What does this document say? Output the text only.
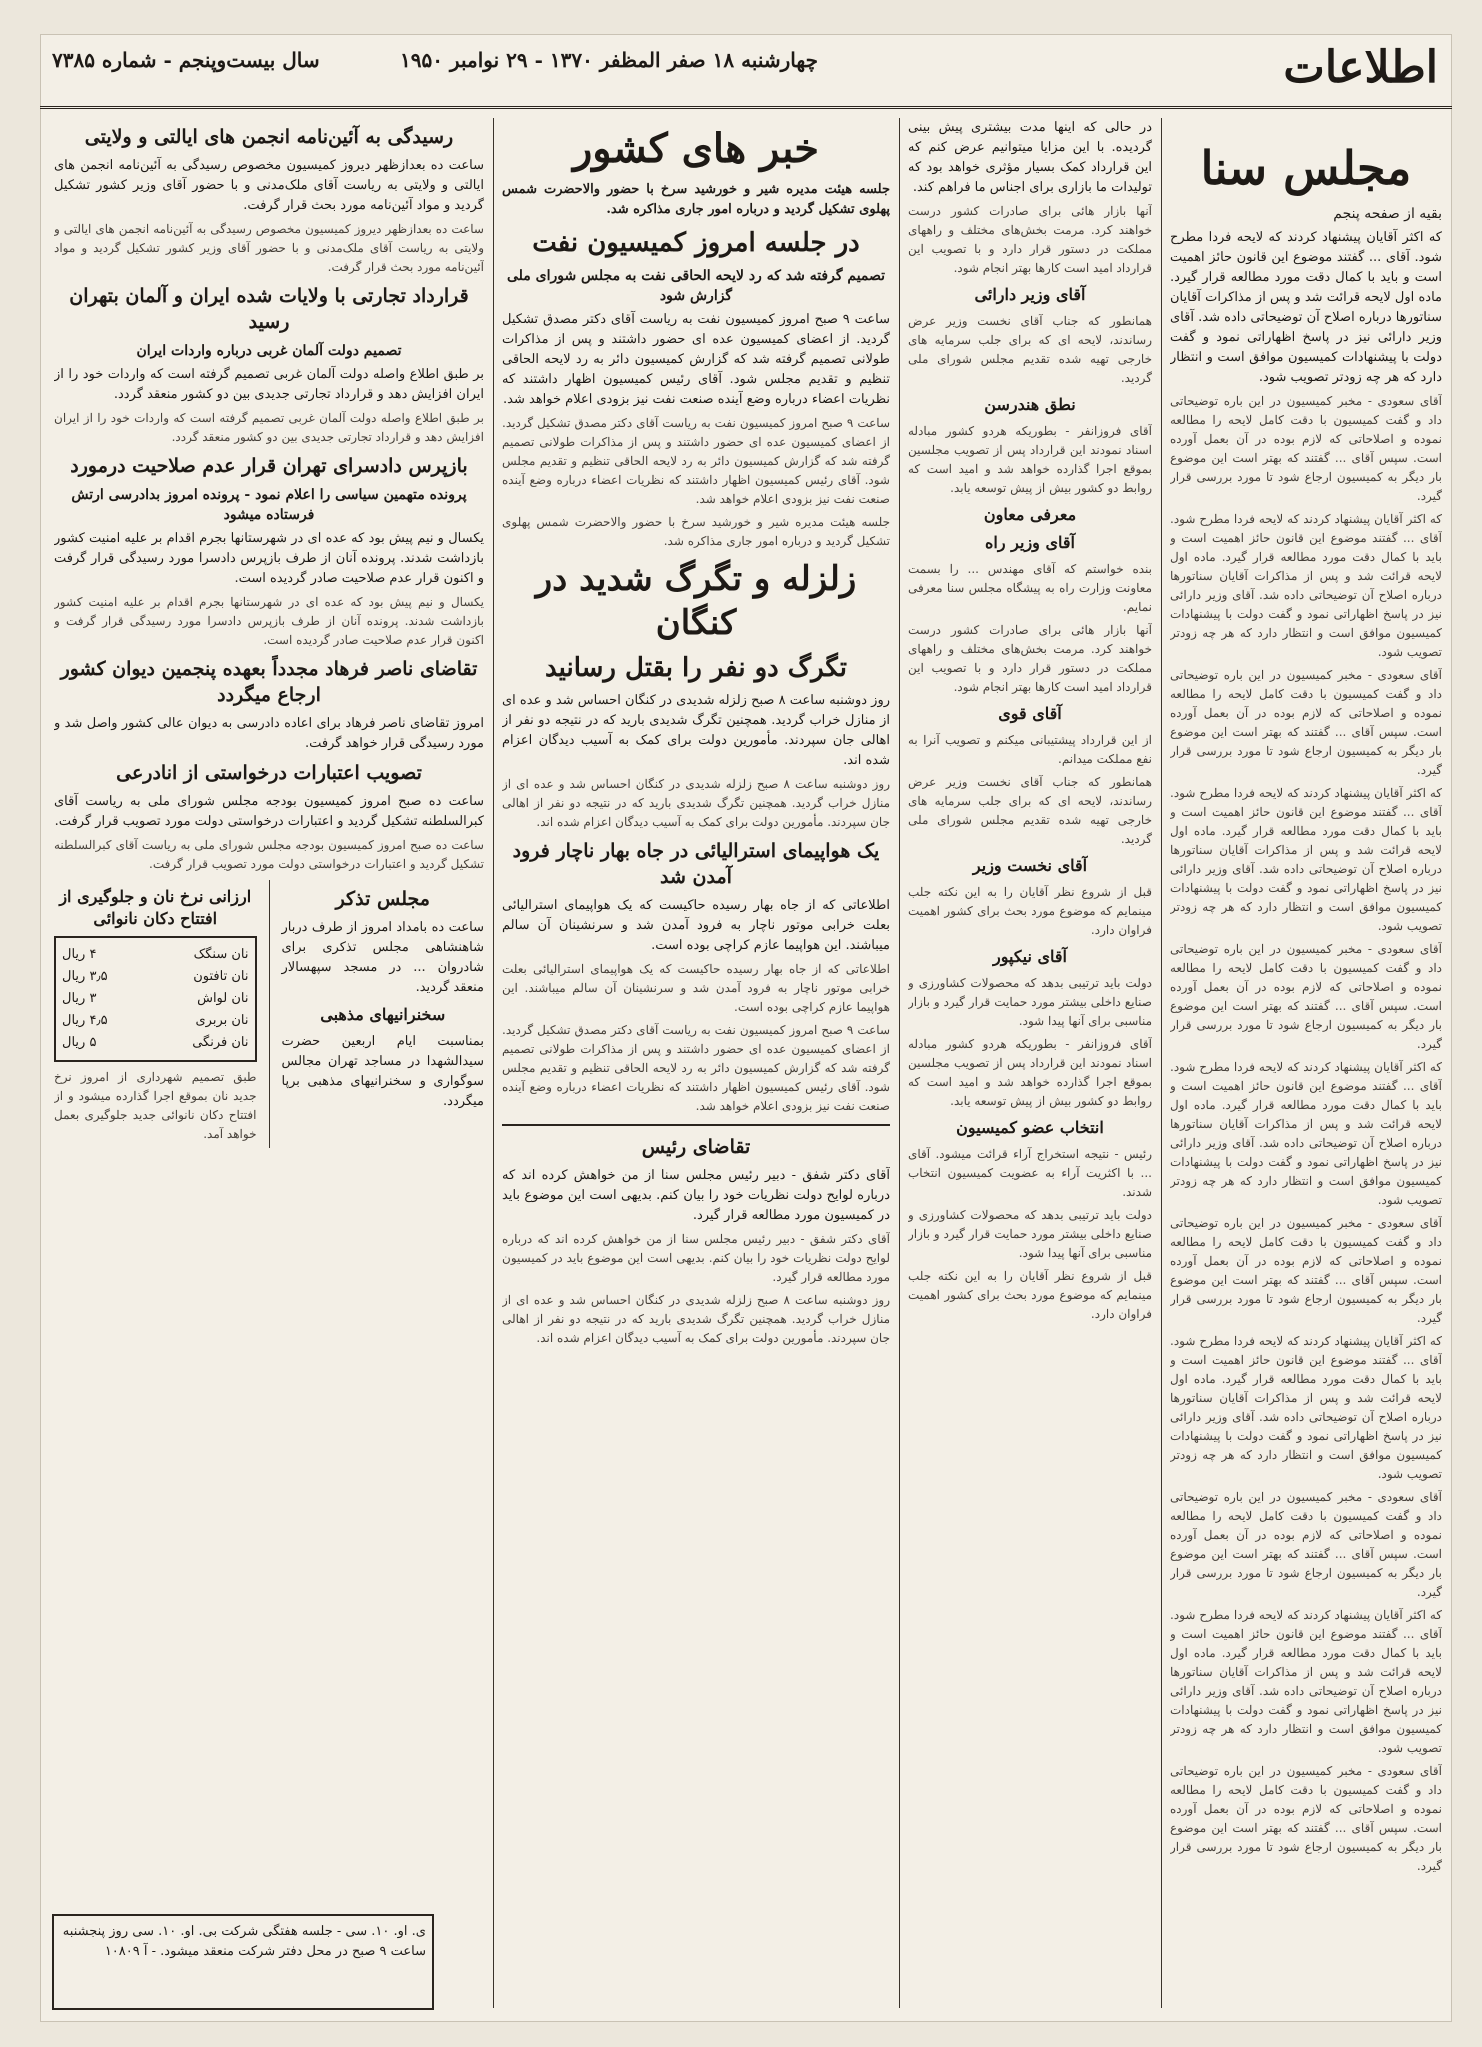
اطلاعات
چهارشنبه ۱۸ صفر المظفر ۱۳۷۰ - ۲۹ نوامبر ۱۹۵۰
سال بیست‌وپنجم - شماره ۷۳۸۵
مجلس سنا
بقیه از صفحه پنجم

که اکثر آقایان پیشنهاد کردند که لایحه فردا مطرح شود. آقای ... گفتند موضوع این قانون حائز اهمیت است و باید با کمال دقت مورد مطالعه قرار گیرد. ماده اول لایحه قرائت شد و پس از مذاکرات آقایان سناتورها درباره اصلاح آن توضیحاتی داده شد. آقای وزیر دارائی نیز در پاسخ اظهاراتی نمود و گفت دولت با پیشنهادات کمیسیون موافق است و انتظار دارد که هر چه زودتر تصویب شود.

آقای سعودی - مخبر کمیسیون در این باره توضیحاتی داد و گفت کمیسیون با دقت کامل لایحه را مطالعه نموده و اصلاحاتی که لازم بوده در آن بعمل آورده است. سپس آقای ... گفتند که بهتر است این موضوع بار دیگر به کمیسیون ارجاع شود تا مورد بررسی قرار گیرد.

که اکثر آقایان پیشنهاد کردند که لایحه فردا مطرح شود. آقای ... گفتند موضوع این قانون حائز اهمیت است و باید با کمال دقت مورد مطالعه قرار گیرد. ماده اول لایحه قرائت شد و پس از مذاکرات آقایان سناتورها درباره اصلاح آن توضیحاتی داده شد. آقای وزیر دارائی نیز در پاسخ اظهاراتی نمود و گفت دولت با پیشنهادات کمیسیون موافق است و انتظار دارد که هر چه زودتر تصویب شود.

آقای سعودی - مخبر کمیسیون در این باره توضیحاتی داد و گفت کمیسیون با دقت کامل لایحه را مطالعه نموده و اصلاحاتی که لازم بوده در آن بعمل آورده است. سپس آقای ... گفتند که بهتر است این موضوع بار دیگر به کمیسیون ارجاع شود تا مورد بررسی قرار گیرد.

که اکثر آقایان پیشنهاد کردند که لایحه فردا مطرح شود. آقای ... گفتند موضوع این قانون حائز اهمیت است و باید با کمال دقت مورد مطالعه قرار گیرد. ماده اول لایحه قرائت شد و پس از مذاکرات آقایان سناتورها درباره اصلاح آن توضیحاتی داده شد. آقای وزیر دارائی نیز در پاسخ اظهاراتی نمود و گفت دولت با پیشنهادات کمیسیون موافق است و انتظار دارد که هر چه زودتر تصویب شود.

آقای سعودی - مخبر کمیسیون در این باره توضیحاتی داد و گفت کمیسیون با دقت کامل لایحه را مطالعه نموده و اصلاحاتی که لازم بوده در آن بعمل آورده است. سپس آقای ... گفتند که بهتر است این موضوع بار دیگر به کمیسیون ارجاع شود تا مورد بررسی قرار گیرد.

که اکثر آقایان پیشنهاد کردند که لایحه فردا مطرح شود. آقای ... گفتند موضوع این قانون حائز اهمیت است و باید با کمال دقت مورد مطالعه قرار گیرد. ماده اول لایحه قرائت شد و پس از مذاکرات آقایان سناتورها درباره اصلاح آن توضیحاتی داده شد. آقای وزیر دارائی نیز در پاسخ اظهاراتی نمود و گفت دولت با پیشنهادات کمیسیون موافق است و انتظار دارد که هر چه زودتر تصویب شود.

آقای سعودی - مخبر کمیسیون در این باره توضیحاتی داد و گفت کمیسیون با دقت کامل لایحه را مطالعه نموده و اصلاحاتی که لازم بوده در آن بعمل آورده است. سپس آقای ... گفتند که بهتر است این موضوع بار دیگر به کمیسیون ارجاع شود تا مورد بررسی قرار گیرد.

که اکثر آقایان پیشنهاد کردند که لایحه فردا مطرح شود. آقای ... گفتند موضوع این قانون حائز اهمیت است و باید با کمال دقت مورد مطالعه قرار گیرد. ماده اول لایحه قرائت شد و پس از مذاکرات آقایان سناتورها درباره اصلاح آن توضیحاتی داده شد. آقای وزیر دارائی نیز در پاسخ اظهاراتی نمود و گفت دولت با پیشنهادات کمیسیون موافق است و انتظار دارد که هر چه زودتر تصویب شود.

آقای سعودی - مخبر کمیسیون در این باره توضیحاتی داد و گفت کمیسیون با دقت کامل لایحه را مطالعه نموده و اصلاحاتی که لازم بوده در آن بعمل آورده است. سپس آقای ... گفتند که بهتر است این موضوع بار دیگر به کمیسیون ارجاع شود تا مورد بررسی قرار گیرد.

که اکثر آقایان پیشنهاد کردند که لایحه فردا مطرح شود. آقای ... گفتند موضوع این قانون حائز اهمیت است و باید با کمال دقت مورد مطالعه قرار گیرد. ماده اول لایحه قرائت شد و پس از مذاکرات آقایان سناتورها درباره اصلاح آن توضیحاتی داده شد. آقای وزیر دارائی نیز در پاسخ اظهاراتی نمود و گفت دولت با پیشنهادات کمیسیون موافق است و انتظار دارد که هر چه زودتر تصویب شود.

آقای سعودی - مخبر کمیسیون در این باره توضیحاتی داد و گفت کمیسیون با دقت کامل لایحه را مطالعه نموده و اصلاحاتی که لازم بوده در آن بعمل آورده است. سپس آقای ... گفتند که بهتر است این موضوع بار دیگر به کمیسیون ارجاع شود تا مورد بررسی قرار گیرد.

در حالی که اینها مدت بیشتری پیش بینی گردیده. با این مزایا میتوانیم عرض کنم که این قرارداد کمک بسیار مؤثری خواهد بود که تولیدات ما بازاری برای اجناس ما فراهم کند.

آنها بازار هائی برای صادرات کشور درست خواهند کرد. مرمت بخش‌های مختلف و راههای مملکت در دستور قرار دارد و با تصویب این قرارداد امید است کارها بهتر انجام شود.

آقای وزیر دارائی

همانطور که جناب آقای نخست وزیر عرض رساندند، لایحه ای که برای جلب سرمایه های خارجی تهیه شده تقدیم مجلس شورای ملی گردید.

نطق هندرسن

آقای فروزانفر - بطوریکه هردو کشور مبادله اسناد نمودند این قرارداد پس از تصویب مجلسین بموقع اجرا گذارده خواهد شد و امید است که روابط دو کشور بیش از پیش توسعه یابد.

معرفی معاون
آقای وزیر راه

بنده خواستم که آقای مهندس ... را بسمت معاونت وزارت راه به پیشگاه مجلس سنا معرفی نمایم.

آنها بازار هائی برای صادرات کشور درست خواهند کرد. مرمت بخش‌های مختلف و راههای مملکت در دستور قرار دارد و با تصویب این قرارداد امید است کارها بهتر انجام شود.

آقای قوی

از این قرارداد پیشتیبانی میکنم و تصویب آنرا به نفع مملکت میدانم.

همانطور که جناب آقای نخست وزیر عرض رساندند، لایحه ای که برای جلب سرمایه های خارجی تهیه شده تقدیم مجلس شورای ملی گردید.

آقای نخست وزیر

قبل از شروع نظر آقایان را به این نکته جلب مینمایم که موضوع مورد بحث برای کشور اهمیت فراوان دارد.

آقای نیکپور

دولت باید ترتیبی بدهد که محصولات کشاورزی و صنایع داخلی بیشتر مورد حمایت قرار گیرد و بازار مناسبی برای آنها پیدا شود.

آقای فروزانفر - بطوریکه هردو کشور مبادله اسناد نمودند این قرارداد پس از تصویب مجلسین بموقع اجرا گذارده خواهد شد و امید است که روابط دو کشور بیش از پیش توسعه یابد.

انتخاب عضو کمیسیون

رئیس - نتیجه استخراج آراء قرائت میشود. آقای ... با اکثریت آراء به عضویت کمیسیون انتخاب شدند.

دولت باید ترتیبی بدهد که محصولات کشاورزی و صنایع داخلی بیشتر مورد حمایت قرار گیرد و بازار مناسبی برای آنها پیدا شود.

قبل از شروع نظر آقایان را به این نکته جلب مینمایم که موضوع مورد بحث برای کشور اهمیت فراوان دارد.

خبر های کشور

جلسه هیئت مدیره شیر و خورشید سرخ با حضور والاحضرت شمس پهلوی تشکیل گردید و درباره امور جاری مذاکره شد.

در جلسه امروز کمیسیون نفت
تصمیم گرفته شد که رد لایحه الحاقی نفت به مجلس شورای ملی گزارش شود

ساعت ۹ صبح امروز کمیسیون نفت به ریاست آقای دکتر مصدق تشکیل گردید. از اعضای کمیسیون عده ای حضور داشتند و پس از مذاکرات طولانی تصمیم گرفته شد که گزارش کمیسیون دائر به رد لایحه الحاقی تنظیم و تقدیم مجلس شود. آقای رئیس کمیسیون اظهار داشتند که نظریات اعضاء درباره وضع آینده صنعت نفت نیز بزودی اعلام خواهد شد.

ساعت ۹ صبح امروز کمیسیون نفت به ریاست آقای دکتر مصدق تشکیل گردید. از اعضای کمیسیون عده ای حضور داشتند و پس از مذاکرات طولانی تصمیم گرفته شد که گزارش کمیسیون دائر به رد لایحه الحاقی تنظیم و تقدیم مجلس شود. آقای رئیس کمیسیون اظهار داشتند که نظریات اعضاء درباره وضع آینده صنعت نفت نیز بزودی اعلام خواهد شد.

جلسه هیئت مدیره شیر و خورشید سرخ با حضور والاحضرت شمس پهلوی تشکیل گردید و درباره امور جاری مذاکره شد.

زلزله و تگرگ شدید در کنگان
تگرگ دو نفر را بقتل رسانید

روز دوشنبه ساعت ۸ صبح زلزله شدیدی در کنگان احساس شد و عده ای از منازل خراب گردید. همچنین تگرگ شدیدی بارید که در نتیجه دو نفر از اهالی جان سپردند. مأمورین دولت برای کمک به آسیب دیدگان اعزام شده اند.

روز دوشنبه ساعت ۸ صبح زلزله شدیدی در کنگان احساس شد و عده ای از منازل خراب گردید. همچنین تگرگ شدیدی بارید که در نتیجه دو نفر از اهالی جان سپردند. مأمورین دولت برای کمک به آسیب دیدگان اعزام شده اند.

یک هواپیمای استرالیائی در جاه بهار ناچار فرود آمدن شد

اطلاعاتی که از جاه بهار رسیده حاکیست که یک هواپیمای استرالیائی بعلت خرابی موتور ناچار به فرود آمدن شد و سرنشینان آن سالم میباشند. این هواپیما عازم کراچی بوده است.

اطلاعاتی که از جاه بهار رسیده حاکیست که یک هواپیمای استرالیائی بعلت خرابی موتور ناچار به فرود آمدن شد و سرنشینان آن سالم میباشند. این هواپیما عازم کراچی بوده است.

ساعت ۹ صبح امروز کمیسیون نفت به ریاست آقای دکتر مصدق تشکیل گردید. از اعضای کمیسیون عده ای حضور داشتند و پس از مذاکرات طولانی تصمیم گرفته شد که گزارش کمیسیون دائر به رد لایحه الحاقی تنظیم و تقدیم مجلس شود. آقای رئیس کمیسیون اظهار داشتند که نظریات اعضاء درباره وضع آینده صنعت نفت نیز بزودی اعلام خواهد شد.

تقاضای رئیس

آقای دکتر شفق - دبیر رئیس مجلس سنا از من خواهش کرده اند که درباره لوایح دولت نظریات خود را بیان کنم. بدیهی است این موضوع باید در کمیسیون مورد مطالعه قرار گیرد.

آقای دکتر شفق - دبیر رئیس مجلس سنا از من خواهش کرده اند که درباره لوایح دولت نظریات خود را بیان کنم. بدیهی است این موضوع باید در کمیسیون مورد مطالعه قرار گیرد.

روز دوشنبه ساعت ۸ صبح زلزله شدیدی در کنگان احساس شد و عده ای از منازل خراب گردید. همچنین تگرگ شدیدی بارید که در نتیجه دو نفر از اهالی جان سپردند. مأمورین دولت برای کمک به آسیب دیدگان اعزام شده اند.

رسیدگی به آئین‌نامه انجمن های ایالتی و ولایتی

ساعت ده بعدازظهر دیروز کمیسیون مخصوص رسیدگی به آئین‌نامه انجمن های ایالتی و ولایتی به ریاست آقای ملک‌مدنی و با حضور آقای وزیر کشور تشکیل گردید و مواد آئین‌نامه مورد بحث قرار گرفت.

ساعت ده بعدازظهر دیروز کمیسیون مخصوص رسیدگی به آئین‌نامه انجمن های ایالتی و ولایتی به ریاست آقای ملک‌مدنی و با حضور آقای وزیر کشور تشکیل گردید و مواد آئین‌نامه مورد بحث قرار گرفت.

قرارداد تجارتی با ولایات شده ایران و آلمان بتهران رسید
تصمیم دولت آلمان غربی درباره واردات ایران

بر طبق اطلاع واصله دولت آلمان غربی تصمیم گرفته است که واردات خود را از ایران افزایش دهد و قرارداد تجارتی جدیدی بین دو کشور منعقد گردد.

بر طبق اطلاع واصله دولت آلمان غربی تصمیم گرفته است که واردات خود را از ایران افزایش دهد و قرارداد تجارتی جدیدی بین دو کشور منعقد گردد.

بازپرس دادسرای تهران قرار عدم صلاحیت درمورد
پرونده متهمین سیاسی را اعلام نمود - پرونده امروز بدادرسی ارتش فرستاده میشود

یکسال و نیم پیش بود که عده ای در شهرستانها بجرم اقدام بر علیه امنیت کشور بازداشت شدند. پرونده آنان از طرف بازپرس دادسرا مورد رسیدگی قرار گرفت و اکنون قرار عدم صلاحیت صادر گردیده است.

یکسال و نیم پیش بود که عده ای در شهرستانها بجرم اقدام بر علیه امنیت کشور بازداشت شدند. پرونده آنان از طرف بازپرس دادسرا مورد رسیدگی قرار گرفت و اکنون قرار عدم صلاحیت صادر گردیده است.

تقاضای ناصر فرهاد مجدداً بعهده پنجمین دیوان کشور ارجاع میگردد

امروز تقاضای ناصر فرهاد برای اعاده دادرسی به دیوان عالی کشور واصل شد و مورد رسیدگی قرار خواهد گرفت.

تصویب اعتبارات درخواستی از انادرعی

ساعت ده صبح امروز کمیسیون بودجه مجلس شورای ملی به ریاست آقای کبرالسلطنه تشکیل گردید و اعتبارات درخواستی دولت مورد تصویب قرار گرفت.

ساعت ده صبح امروز کمیسیون بودجه مجلس شورای ملی به ریاست آقای کبرالسلطنه تشکیل گردید و اعتبارات درخواستی دولت مورد تصویب قرار گرفت.

مجلس تذکر

ساعت ده بامداد امروز از طرف دربار شاهنشاهی مجلس تذکری برای شادروان ... در مسجد سپهسالار منعقد گردید.

سخنرانیهای مذهبی

بمناسبت ایام اربعین حضرت سیدالشهدا در مساجد تهران مجالس سوگواری و سخنرانیهای مذهبی برپا میگردد.

ارزانی نرخ نان و جلوگیری از افتتاح دکان نانوائی
نان سنگک
۴ ریال
نان تافتون
۳٫۵ ریال
نان لواش
۳ ریال
نان بربری
۴٫۵ ریال
نان فرنگی
۵ ریال

طبق تصمیم شهرداری از امروز نرخ جدید نان بموقع اجرا گذارده میشود و از افتتاح دکان نانوائی جدید جلوگیری بعمل خواهد آمد.

ی. او. ١٠. سی - جلسه هفتگی شرکت بی. او. ١٠. سی روز پنجشنبه ساعت ۹ صبح در محل دفتر شرکت منعقد میشود. - آ ۱۰۸۰۹
